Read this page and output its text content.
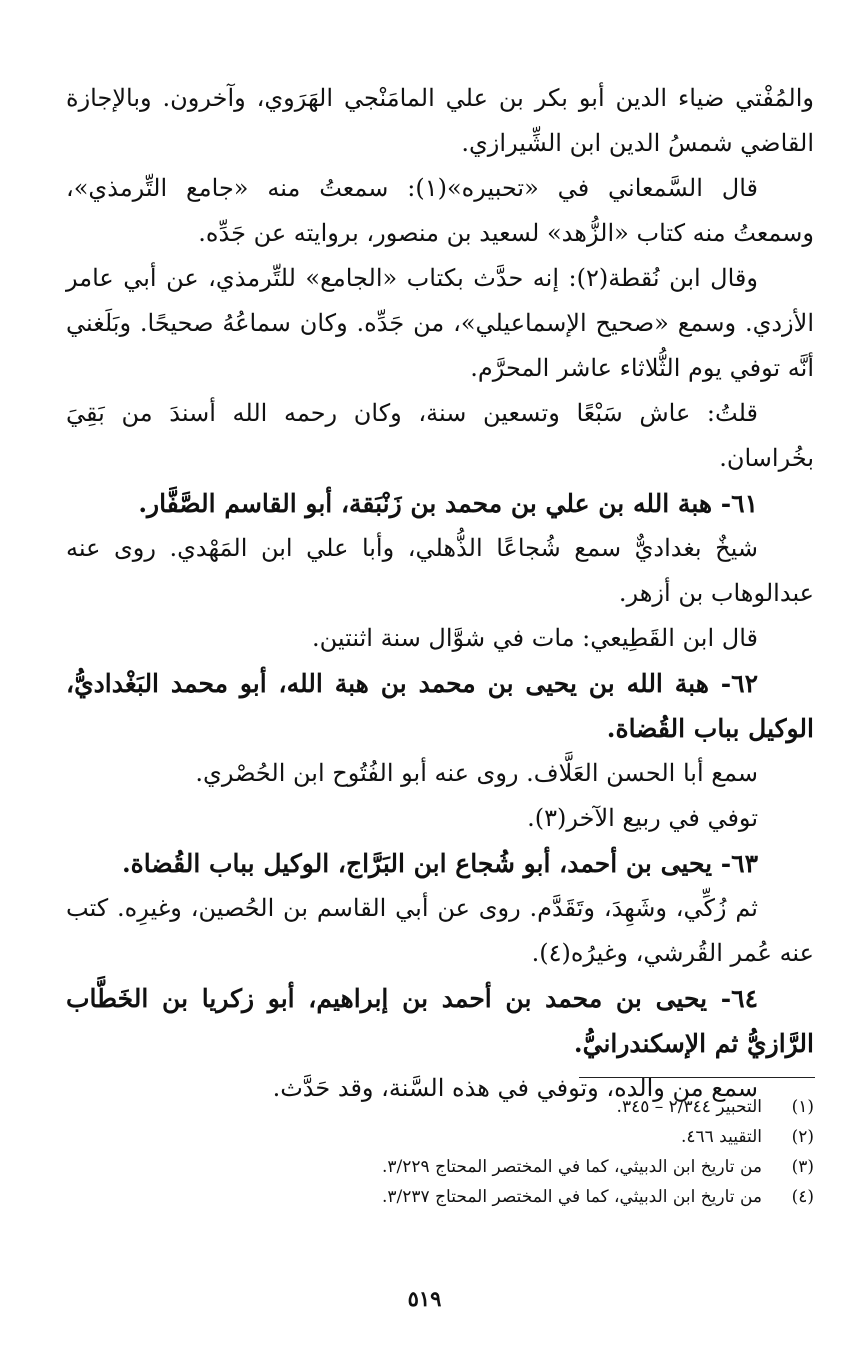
والمُفْتي ضياء الدين أبو بكر بن علي المامَنْجي الهَرَوي، وآخرون. وبالإجازة القاضي شمسُ الدين ابن الشِّيرازي.

قال السَّمعاني في «تحبيره»(١): سمعتُ منه «جامع التِّرمذي»، وسمعتُ منه كتاب «الزُّهد» لسعيد بن منصور، بروايته عن جَدِّه.

وقال ابن نُقطة(٢): إنه حدَّث بكتاب «الجامع» للتِّرمذي، عن أبي عامر الأزدي. وسمع «صحيح الإسماعيلي»، من جَدِّه. وكان سماعُهُ صحيحًا. وبَلَغني أنَّه توفي يوم الثُّلاثاء عاشر المحرَّم.

قلتُ: عاش سَبْعًا وتسعين سنة، وكان رحمه الله أسندَ من بَقِيَ بخُراسان.

٦١- هبة الله بن علي بن محمد بن زَنْبَقة، أبو القاسم الصَّفَّار.

شيخٌ بغداديٌّ سمع شُجاعًا الذُّهلي، وأبا علي ابن المَهْدي. روى عنه عبدالوهاب بن أزهر.

قال ابن القَطِيعي: مات في شوَّال سنة اثنتين.

٦٢- هبة الله بن يحيى بن محمد بن هبة الله، أبو محمد البَغْداديُّ، الوكيل بباب القُضاة.

سمع أبا الحسن العَلَّاف. روى عنه أبو الفُتُوح ابن الحُصْري.

توفي في ربيع الآخر(٣).

٦٣- يحيى بن أحمد، أبو شُجاع ابن البَرَّاج، الوكيل بباب القُضاة.

ثم زُكِّي، وشَهِدَ، وتَقَدَّم. روى عن أبي القاسم بن الحُصين، وغيرِه. كتب عنه عُمر القُرشي، وغيرُه(٤).

٦٤- يحيى بن محمد بن أحمد بن إبراهيم، أبو زكريا بن الخَطَّاب الرَّازيُّ ثم الإسكندرانيُّ.

سمع من والده، وتوفي في هذه السَّنة، وقد حَدَّث.

(١)
التحبير ٢/٣٤٤ – ٣٤٥.
(٢)
التقييد ٤٦٦.
(٣)
من تاريخ ابن الدبيثي، كما في المختصر المحتاج ٣/٢٢٩.
(٤)
من تاريخ ابن الدبيثي، كما في المختصر المحتاج ٣/٢٣٧.
٥١٩
